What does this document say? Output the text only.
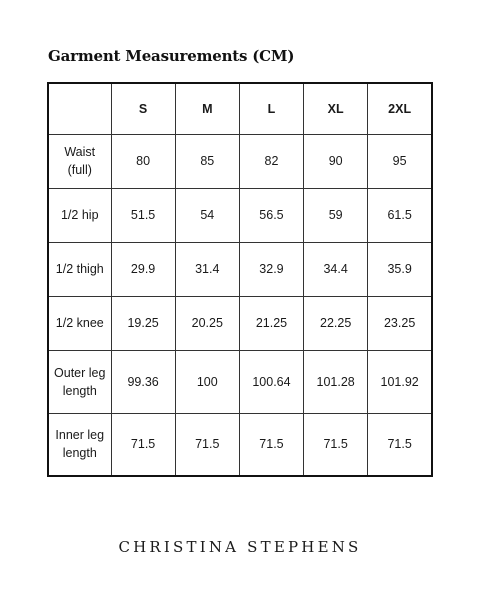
Garment Measurements (CM)
	S	M	L	XL	2XL
Waist (full)	80	85	82	90	95
1/2 hip	51.5	54	56.5	59	61.5
1/2 thigh	29.9	31.4	32.9	34.4	35.9
1/2 knee	19.25	20.25	21.25	22.25	23.25
Outer leg length	99.36	100	100.64	101.28	101.92
Inner leg length	71.5	71.5	71.5	71.5	71.5
CHRISTINA STEPHENS
